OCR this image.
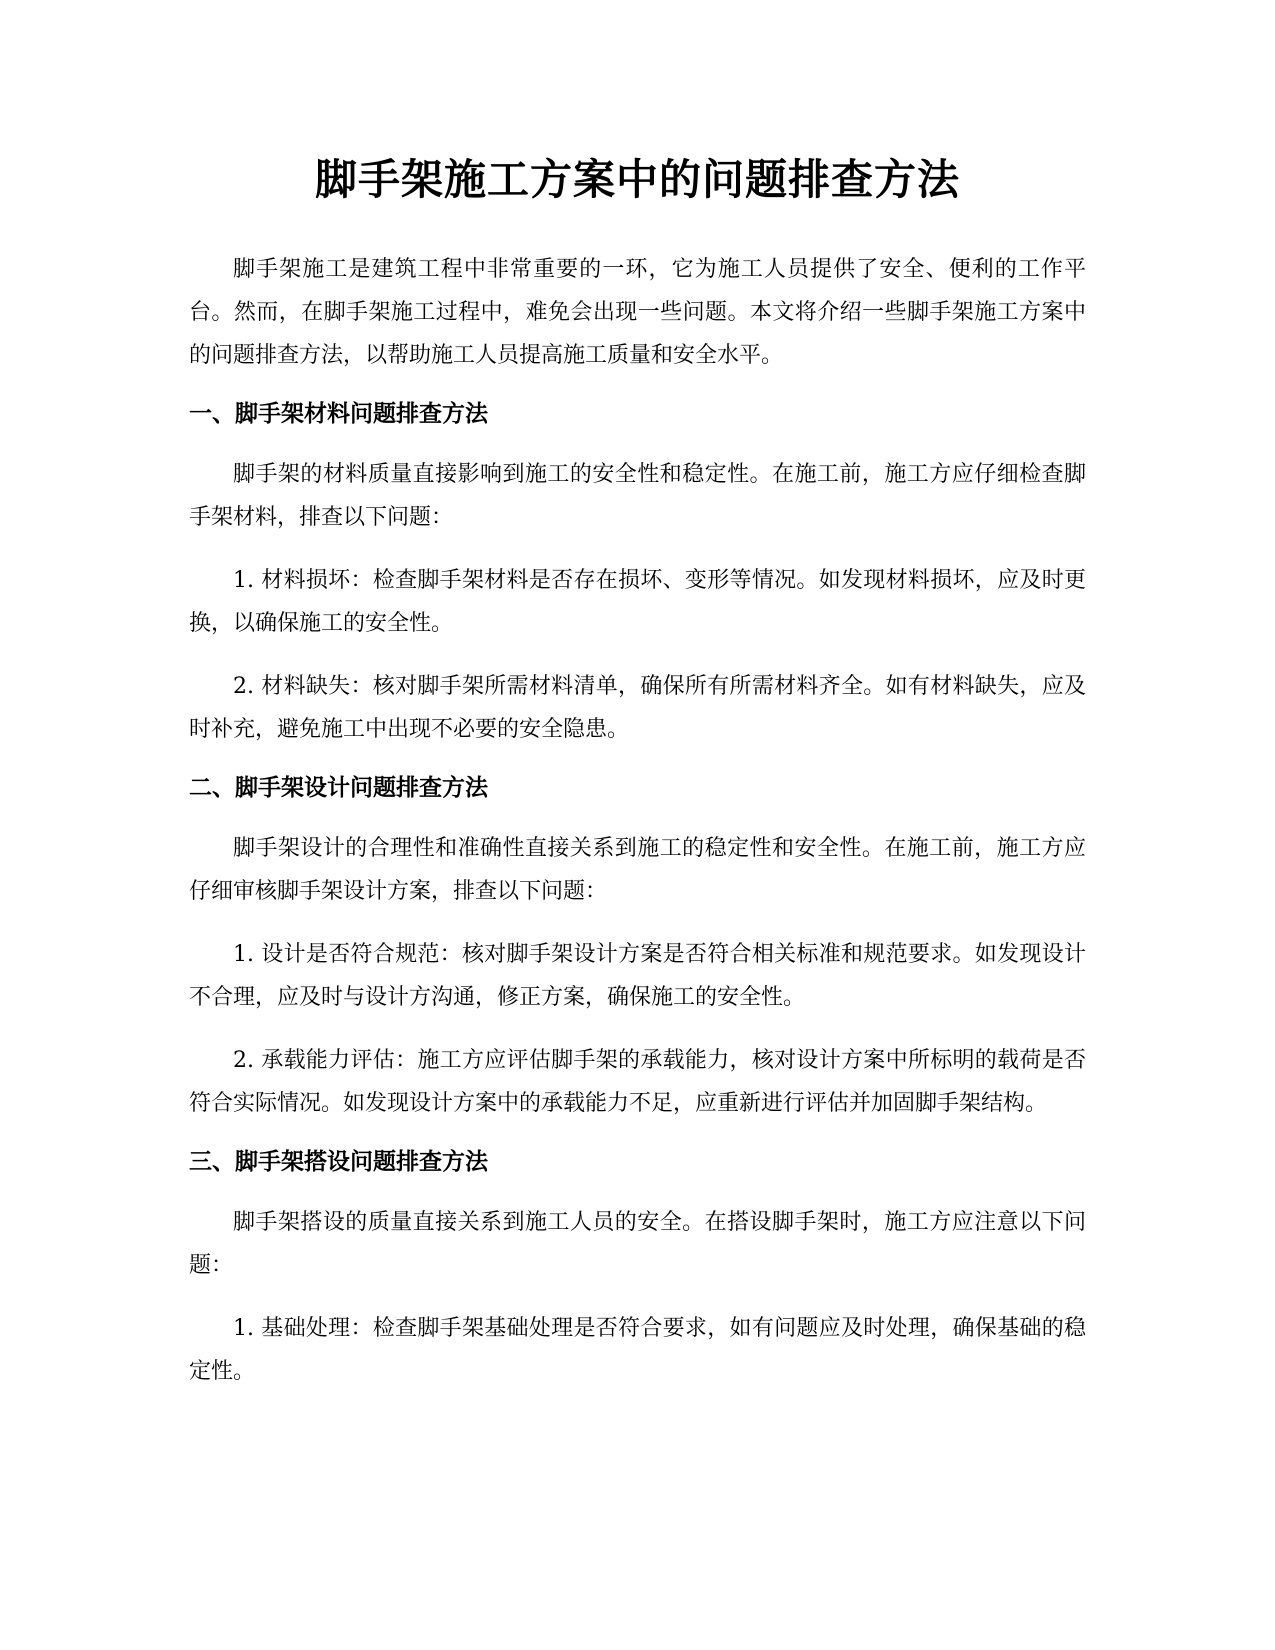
脚手架施工方案中的问题排查方法

脚手架施工是建筑工程中非常重要的一环，它为施工人员提供了安全、便利的工作平台。然而，在脚手架施工过程中，难免会出现一些问题。本文将介绍一些脚手架施工方案中的问题排查方法，以帮助施工人员提高施工质量和安全水平。

一、脚手架材料问题排查方法

脚手架的材料质量直接影响到施工的安全性和稳定性。在施工前，施工方应仔细检查脚手架材料，排查以下问题：

1. 材料损坏：检查脚手架材料是否存在损坏、变形等情况。如发现材料损坏，应及时更换，以确保施工的安全性。

2. 材料缺失：核对脚手架所需材料清单，确保所有所需材料齐全。如有材料缺失，应及时补充，避免施工中出现不必要的安全隐患。

二、脚手架设计问题排查方法

脚手架设计的合理性和准确性直接关系到施工的稳定性和安全性。在施工前，施工方应仔细审核脚手架设计方案，排查以下问题：

1. 设计是否符合规范：核对脚手架设计方案是否符合相关标准和规范要求。如发现设计不合理，应及时与设计方沟通，修正方案，确保施工的安全性。

2. 承载能力评估：施工方应评估脚手架的承载能力，核对设计方案中所标明的载荷是否符合实际情况。如发现设计方案中的承载能力不足，应重新进行评估并加固脚手架结构。

三、脚手架搭设问题排查方法

脚手架搭设的质量直接关系到施工人员的安全。在搭设脚手架时，施工方应注意以下问题：

1. 基础处理：检查脚手架基础处理是否符合要求，如有问题应及时处理，确保基础的稳定性。
